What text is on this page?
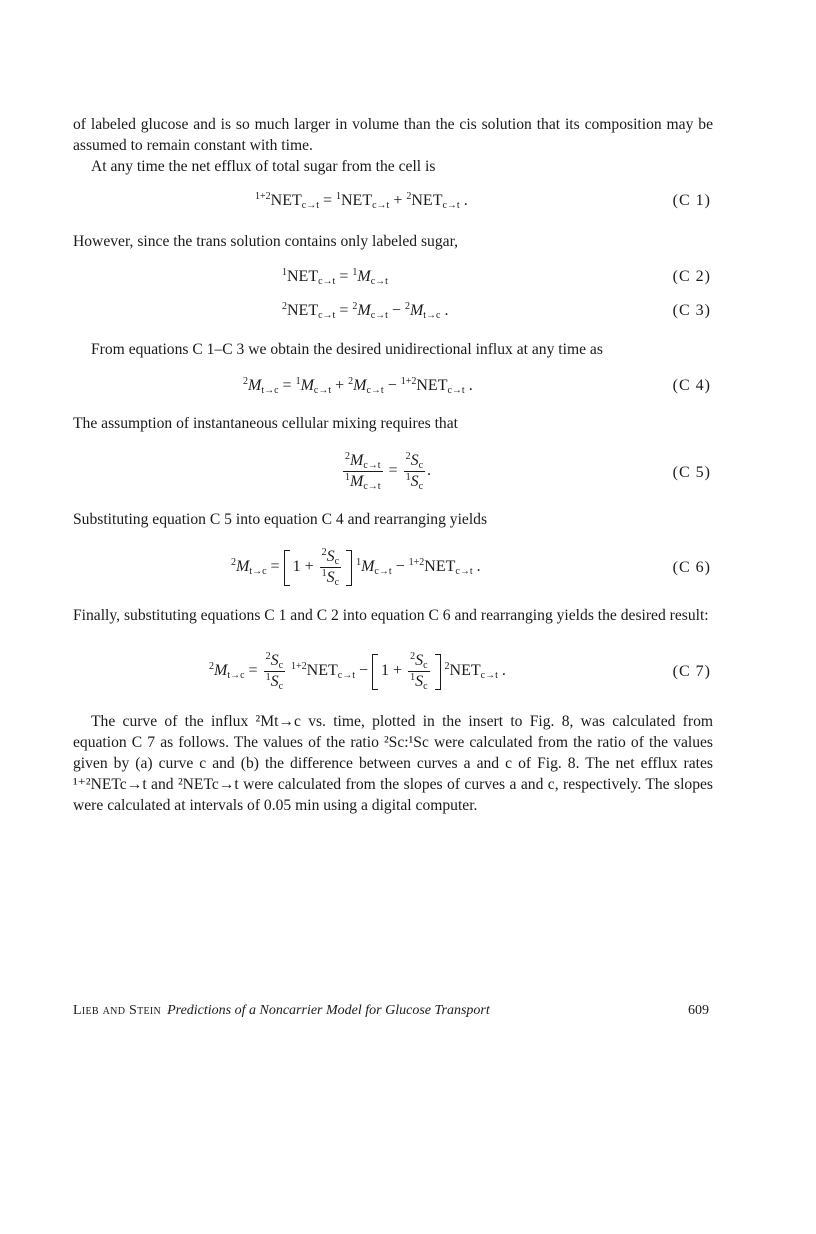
of labeled glucose and is so much larger in volume than the cis solution that its composition may be assumed to remain constant with time.
At any time the net efflux of total sugar from the cell is
$^{1+2}NET_{c\to t} = ^1NET_{c\to t} + ^2NET_{c\to t}$ .	(C 1)
However, since the trans solution contains only labeled sugar,
$^1NET_{c\to t} = ^1M_{c\to t}$	(C 2)
$^2NET_{c\to t} = ^2M_{c\to t} - ^2M_{t\to c}$ .	(C 3)
From equations C 1–C 3 we obtain the desired unidirectional influx at any time as
$^2M_{t\to c} = ^1M_{c\to t} + ^2M_{c\to t} - ^{1+2}NET_{c\to t}$ .	(C 4)
The assumption of instantaneous cellular mixing requires that
$\frac{^2M_{c\to t}}{^1M_{c\to t}} = \frac{^2S_c}{^1S_c}$ .	(C 5)
Substituting equation C 5 into equation C 4 and rearranging yields
$^2M_{t\to c} = 1 + \frac{^2S_c}{^1S_c} ^1M_{c\to t} - ^{1+2}NET_{c\to t}$ .	(C 6)
Finally, substituting equations C 1 and C 2 into equation C 6 and rearranging yields the desired result:
$^2M_{t\to c} = \frac{^2S_c}{^1S_c} ^{1+2}NET_{c\to t} - 1 + \frac{^2S_c}{^1S_c} ^2NET_{c\to t}$ .	(C 7)
The curve of the influx ²Mt→c vs. time, plotted in the insert to Fig. 8, was calculated from equation C 7 as follows. The values of the ratio ²Sc:¹Sc were calculated from the ratio of the values given by (a) curve c and (b) the difference between curves a and c of Fig. 8. The net efflux rates ¹⁺²NETc→t and ²NETc→t were calculated from the slopes of curves a and c, respectively. The slopes were calculated at intervals of 0.05 min using a digital computer.
Lieb and Stein Predictions of a Noncarrier Model for Glucose Transport	609
